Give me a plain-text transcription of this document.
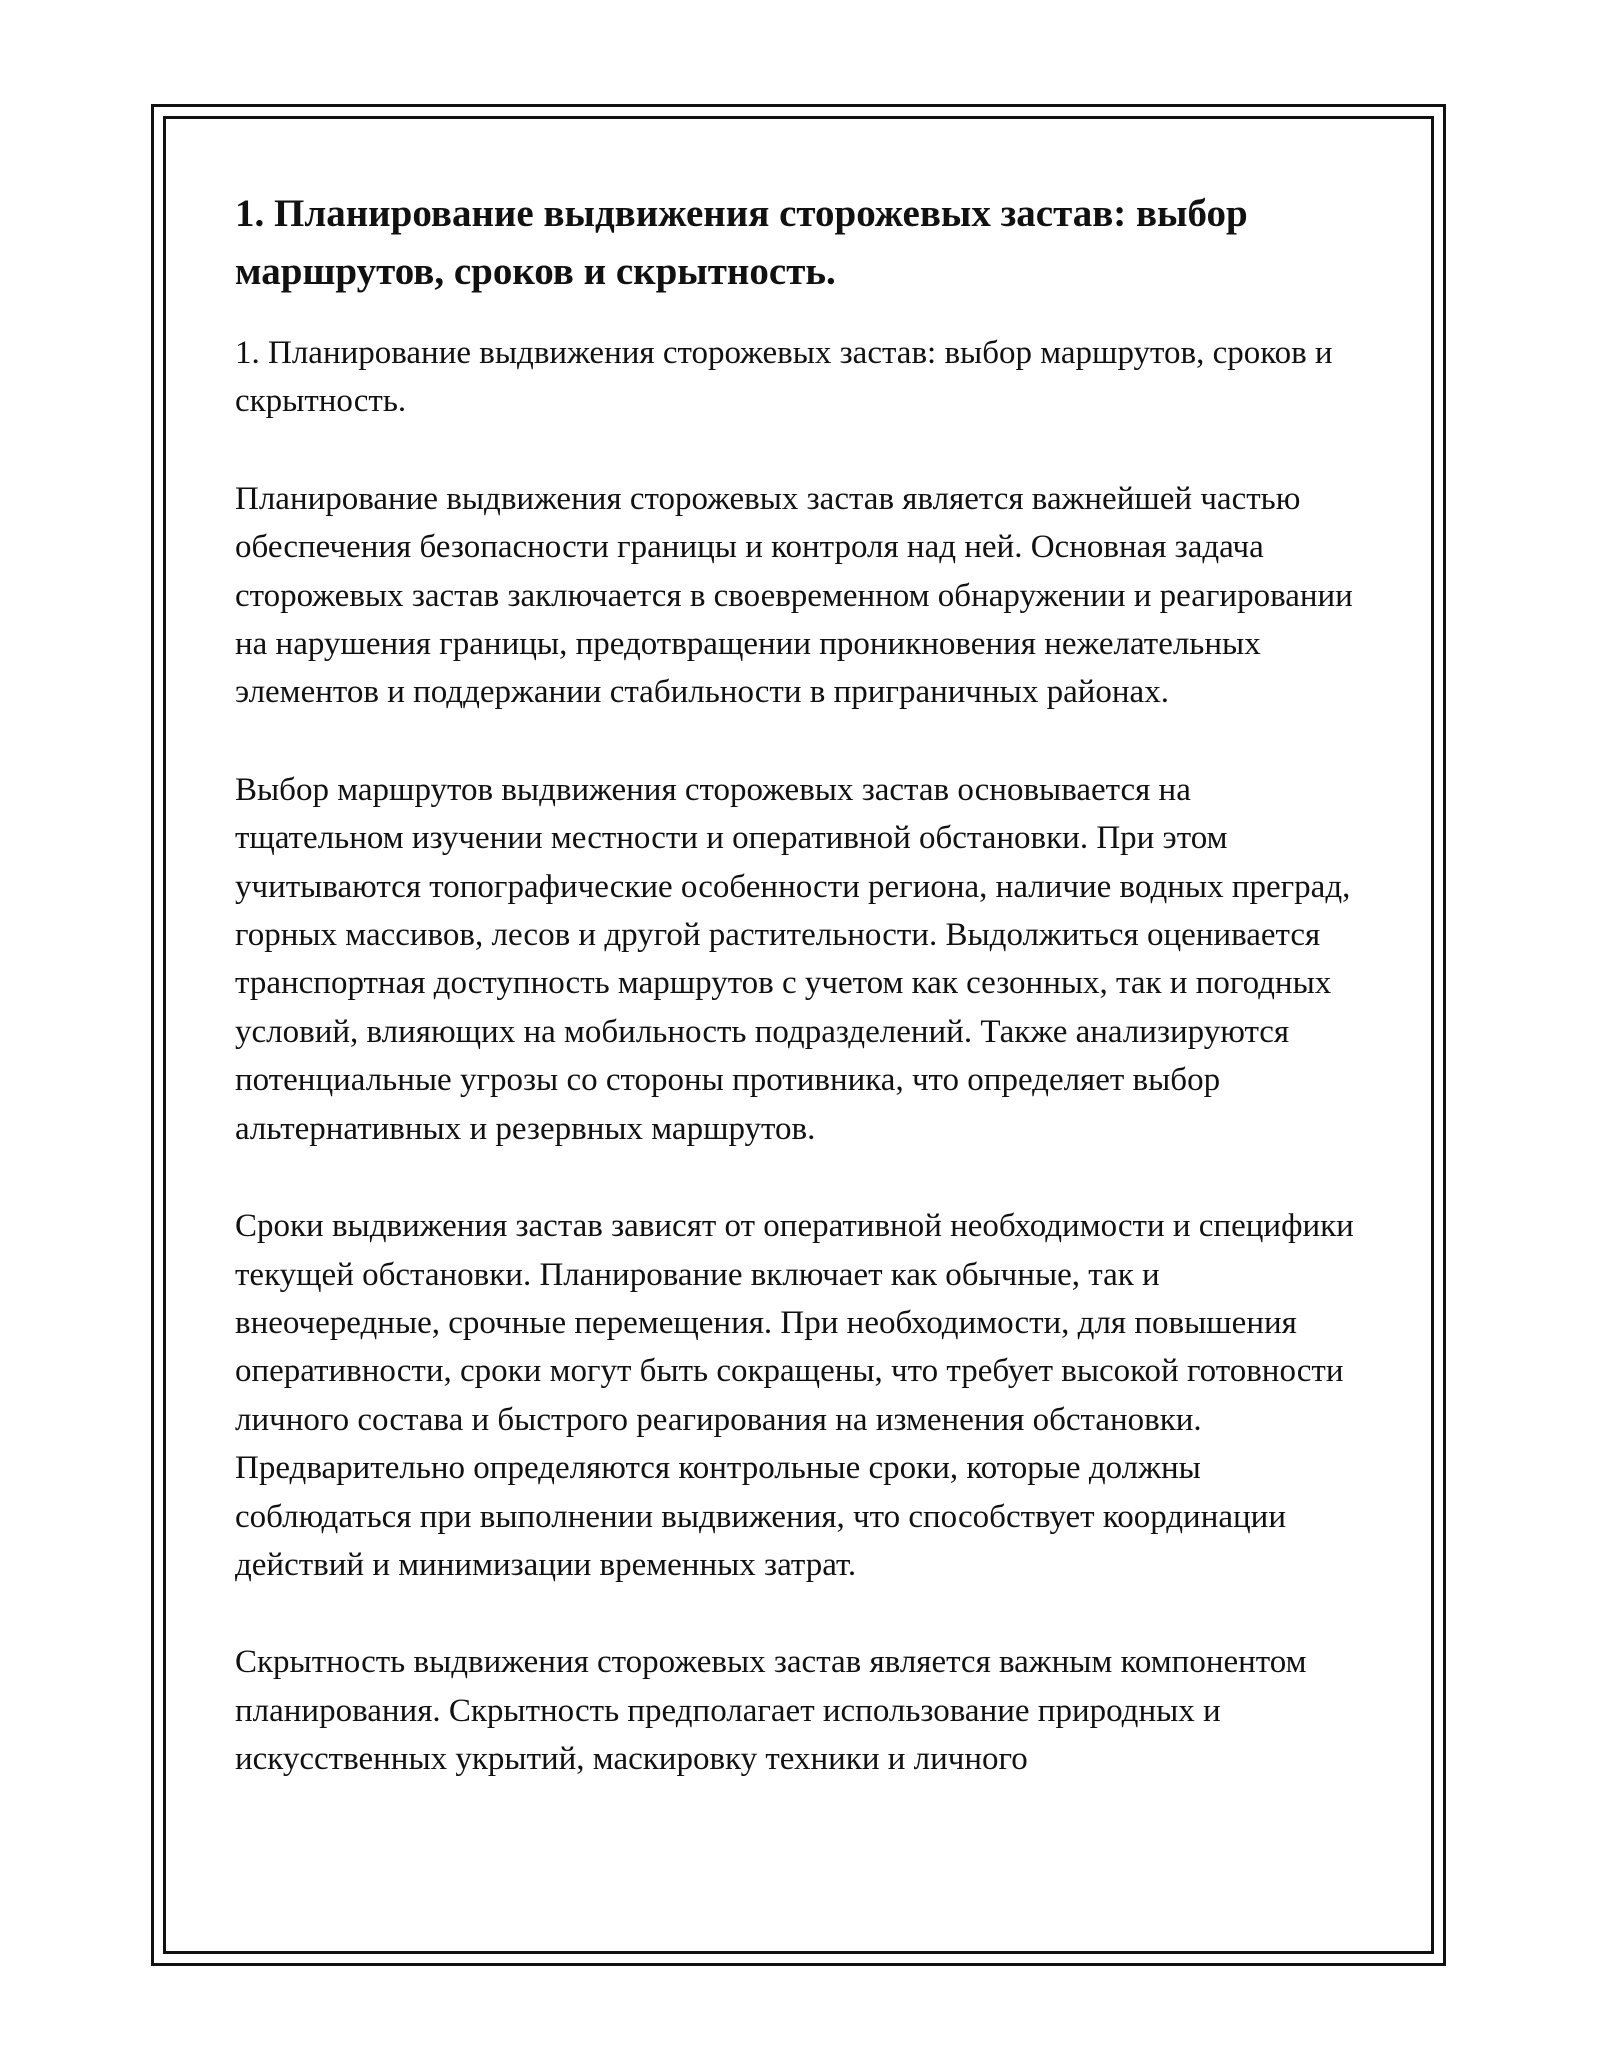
1. Планирование выдвижения сторожевых застав: выбор маршрутов, сроков и скрытность.

1. Планирование выдвижения сторожевых застав: выбор маршрутов, сроков и скрытность.

Планирование выдвижения сторожевых застав является важнейшей частью обеспечения безопасности границы и контроля над ней. Основная задача сторожевых застав заключается в своевременном обнаружении и реагировании на нарушения границы, предотвращении проникновения нежелательных элементов и поддержании стабильности в приграничных районах.

Выбор маршрутов выдвижения сторожевых застав основывается на тщательном изучении местности и оперативной обстановки. При этом учитываются топографические особенности региона, наличие водных преград, горных массивов, лесов и другой растительности. Выдолжиться оценивается транспортная доступность маршрутов с учетом как сезонных, так и погодных условий, влияющих на мобильность подразделений. Также анализируются потенциальные угрозы со стороны противника, что определяет выбор альтернативных и резервных маршрутов.

Сроки выдвижения застав зависят от оперативной необходимости и специфики текущей обстановки. Планирование включает как обычные, так и внеочередные, срочные перемещения. При необходимости, для повышения оперативности, сроки могут быть сокращены, что требует высокой готовности личного состава и быстрого реагирования на изменения обстановки. Предварительно определяются контрольные сроки, которые должны соблюдаться при выполнении выдвижения, что способствует координации действий и минимизации временных затрат.

Скрытность выдвижения сторожевых застав является важным компонентом планирования. Скрытность предполагает использование природных и искусственных укрытий, маскировку техники и личного
